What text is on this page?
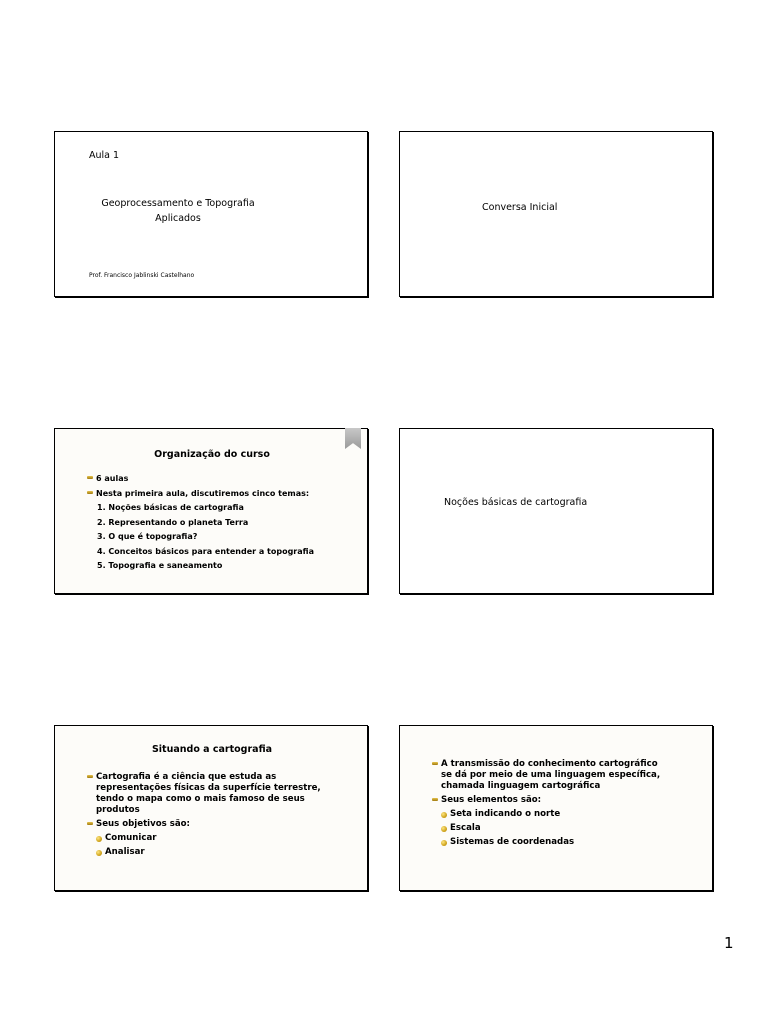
Aula 1
Geoprocessamento e Topografia
Aplicados
Prof. Francisco Jablinski Castelhano
Conversa Inicial
Organização do curso
6 aulas
Nesta primeira aula, discutiremos cinco temas:
1. Noções básicas de cartografia
2. Representando o planeta Terra
3. O que é topografia?
4. Conceitos básicos para entender a topografia
5. Topografia e saneamento
Noções básicas de cartografia
Situando a cartografia
Cartografia é a ciência que estuda as
representações físicas da superfície terrestre,
tendo o mapa como o mais famoso de seus
produtos
Seus objetivos são:
Comunicar
Analisar
A transmissão do conhecimento cartográfico
se dá por meio de uma linguagem específica,
chamada linguagem cartográfica
Seus elementos são:
Seta indicando o norte
Escala
Sistemas de coordenadas
1
